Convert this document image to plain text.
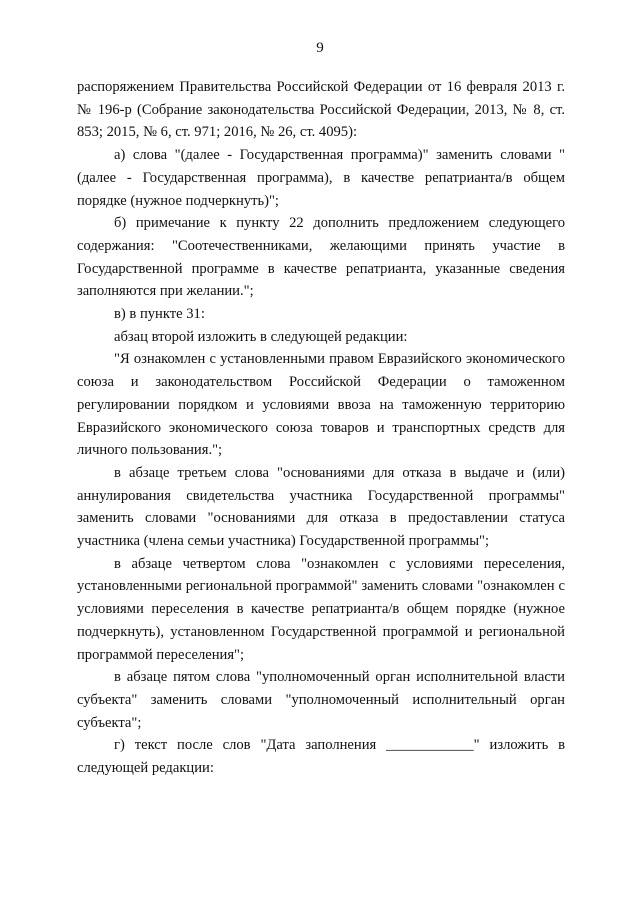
9

распоряжением Правительства Российской Федерации от 16 февраля 2013 г. № 196-р (Собрание законодательства Российской Федерации, 2013, № 8, ст. 853; 2015, № 6, ст. 971; 2016, № 26, ст. 4095):

а) слова "(далее - Государственная программа)" заменить словами "(далее - Государственная программа), в качестве репатрианта/в общем порядке (нужное подчеркнуть)";

б) примечание к пункту 22 дополнить предложением следующего содержания: "Соотечественниками, желающими принять участие в Государственной программе в качестве репатрианта, указанные сведения заполняются при желании.";

в) в пункте 31:

абзац второй изложить в следующей редакции:

"Я ознакомлен с установленными правом Евразийского экономического союза и законодательством Российской Федерации о таможенном регулировании порядком и условиями ввоза на таможенную территорию Евразийского экономического союза товаров и транспортных средств для личного пользования.";

в абзаце третьем слова "основаниями для отказа в выдаче и (или) аннулирования свидетельства участника Государственной программы" заменить словами "основаниями для отказа в предоставлении статуса участника (члена семьи участника) Государственной программы";

в абзаце четвертом слова "ознакомлен с условиями переселения, установленными региональной программой" заменить словами "ознакомлен с условиями переселения в качестве репатрианта/в общем порядке (нужное подчеркнуть), установленном Государственной программой и региональной программой переселения";

в абзаце пятом слова "уполномоченный орган исполнительной власти субъекта" заменить словами "уполномоченный исполнительный орган субъекта";

г) текст после слов "Дата заполнения ____________" изложить в следующей редакции:
